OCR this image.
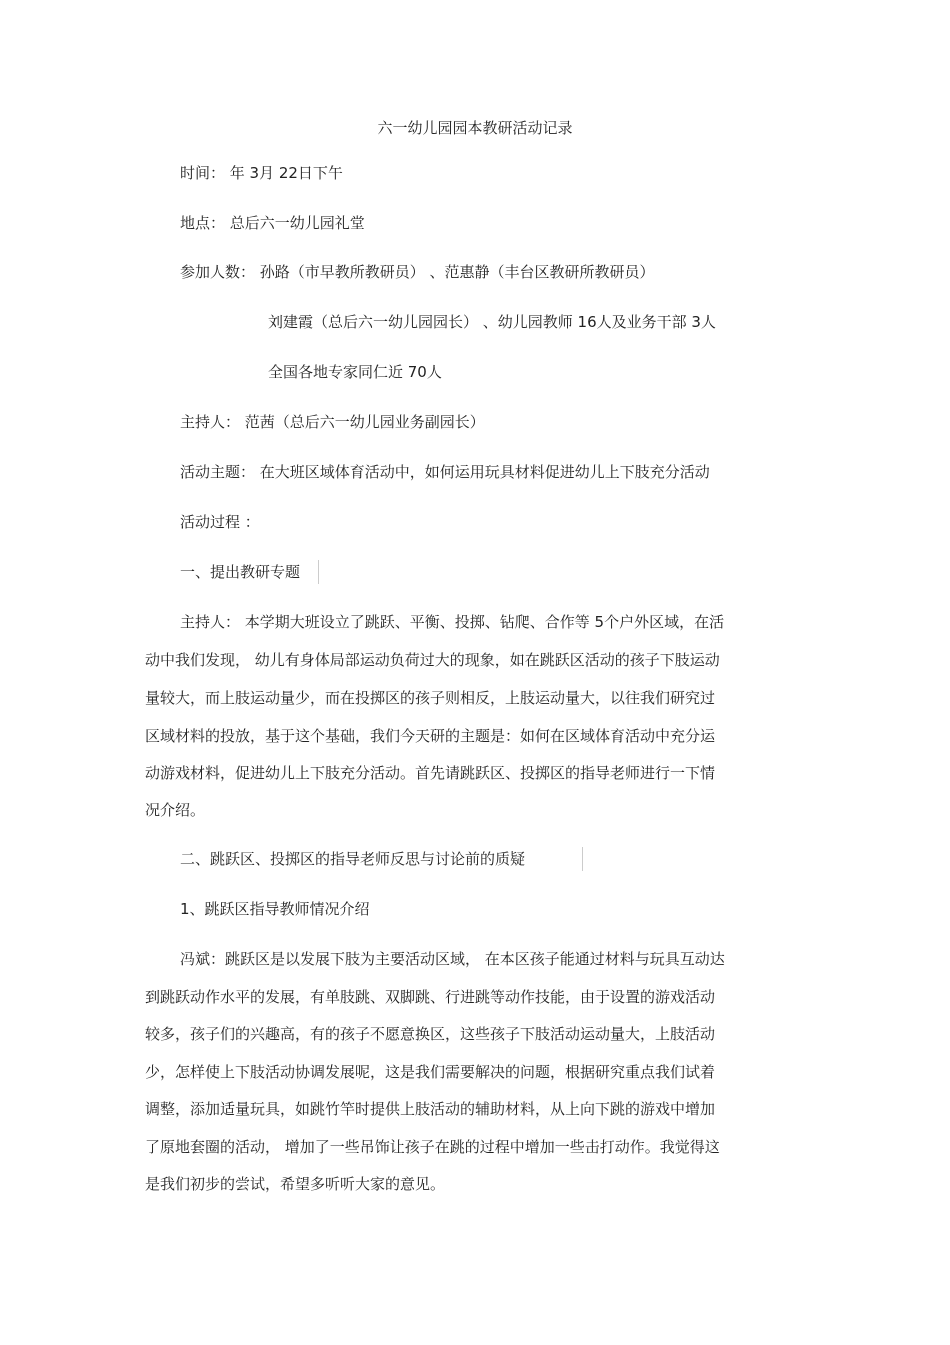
六一幼儿园园本教研活动记录
时间： 年 3月 22日下午
地点： 总后六一幼儿园礼堂
参加人数： 孙路（市早教所教研员） 、范惠静（丰台区教研所教研员）
刘建霞（总后六一幼儿园园长） 、幼儿园教师 16人及业务干部 3人
全国各地专家同仁近 70人
主持人： 范茜（总后六一幼儿园业务副园长）
活动主题： 在大班区域体育活动中，如何运用玩具材料促进幼儿上下肢充分活动
活动过程 ：
一、提出教研专题
主持人： 本学期大班设立了跳跃、平衡、投掷、钻爬、合作等 5个户外区域，在活
动中我们发现， 幼儿有身体局部运动负荷过大的现象，如在跳跃区活动的孩子下肢运动
量较大，而上肢运动量少，而在投掷区的孩子则相反，上肢运动量大，以往我们研究过
区域材料的投放，基于这个基础，我们今天研的主题是：如何在区域体育活动中充分运
动游戏材料，促进幼儿上下肢充分活动。首先请跳跃区、投掷区的指导老师进行一下情
况介绍。
二、跳跃区、投掷区的指导老师反思与讨论前的质疑
1、跳跃区指导教师情况介绍
冯斌：跳跃区是以发展下肢为主要活动区域， 在本区孩子能通过材料与玩具互动达
到跳跃动作水平的发展，有单肢跳、双脚跳、行进跳等动作技能，由于设置的游戏活动
较多，孩子们的兴趣高，有的孩子不愿意换区，这些孩子下肢活动运动量大，上肢活动
少，怎样使上下肢活动协调发展呢，这是我们需要解决的问题，根据研究重点我们试着
调整，添加适量玩具，如跳竹竿时提供上肢活动的辅助材料，从上向下跳的游戏中增加
了原地套圈的活动， 增加了一些吊饰让孩子在跳的过程中增加一些击打动作。我觉得这
是我们初步的尝试，希望多听听大家的意见。
